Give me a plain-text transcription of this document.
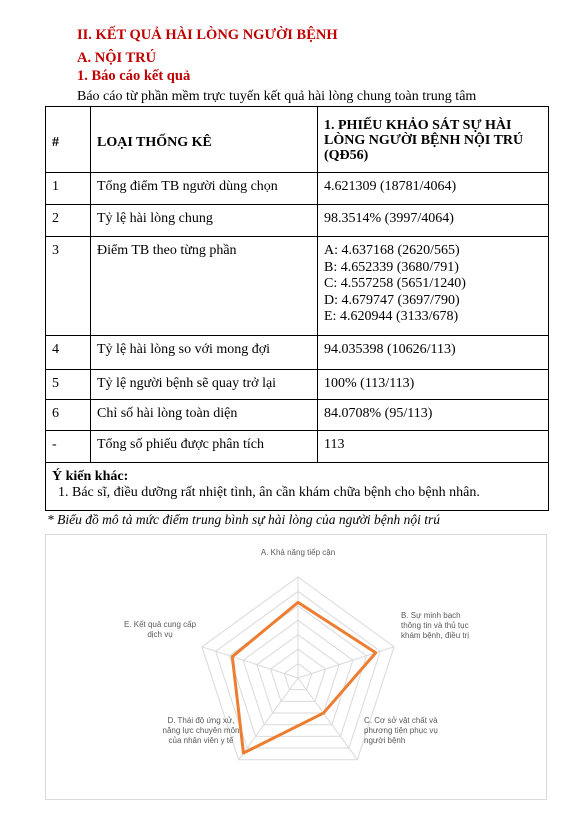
II. KẾT QUẢ HÀI LÒNG NGƯỜI BỆNH
A. NỘI TRÚ
1. Báo cáo kết quả
Báo cáo từ phần mềm trực tuyến kết quả hài lòng chung toàn trung tâm
#	LOẠI THỐNG KÊ	1. PHIẾU KHẢO SÁT SỰ HÀI LÒNG NGƯỜI BỆNH NỘI TRÚ (QĐ56)
1	Tổng điểm TB người dùng chọn	4.621309 (18781/4064)
2	Tỷ lệ hài lòng chung	98.3514% (3997/4064)
3	Điểm TB theo từng phần	A: 4.637168 (2620/565)
B: 4.652339 (3680/791)
C: 4.557258 (5651/1240)
D: 4.679747 (3697/790)
E: 4.620944 (3133/678)

4	Tỷ lệ hài lòng so với mong đợi	94.035398 (10626/113)
5	Tỷ lệ người bệnh sẽ quay trở lại	100% (113/113)
6	Chỉ số hài lòng toàn diện	84.0708% (95/113)
-	Tổng số phiếu được phân tích	113

Ý kiến khác:
1. Bác sĩ, điều dưỡng rất nhiệt tình, ân cần khám chữa bệnh cho bệnh nhân.		
* Biểu đồ mô tả mức điểm trung bình sự hài lòng của người bệnh nội trú
A. Khả năng tiếp cận
B. Sự minh bạch
thông tin và thủ tục
khám bệnh, điều trị
C. Cơ sở vật chất và
phương tiện phục vụ
người bệnh
D. Thái độ ứng xử,
năng lực chuyên môn
của nhân viên y tế
E. Kết quả cung cấp
dịch vụ
